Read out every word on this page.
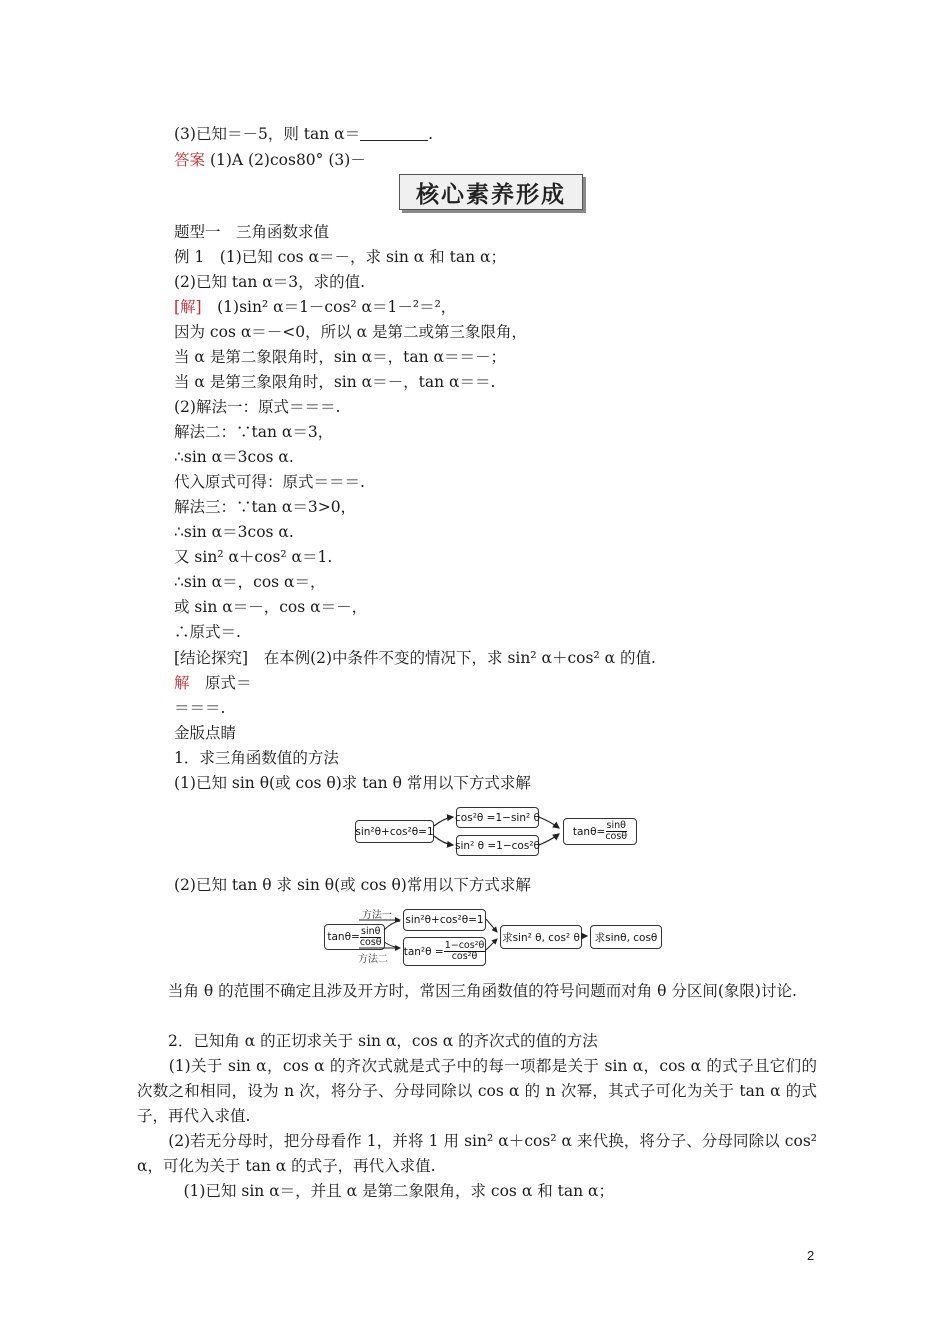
(3)已知＝－5，则 tan α＝	.
答案 (1)A (2)cos80° (3)－
核心素养形成
题型一　三角函数求值
例 1　(1)已知 cos α＝－，求 sin α 和 tan α；
(2)已知 tan α＝3，求的值.
[解]　(1)sin² α＝1－cos² α＝1－²＝²，
因为 cos α＝－<0，所以 α 是第二或第三象限角，
当 α 是第二象限角时，sin α＝，tan α＝＝－；
当 α 是第三象限角时，sin α＝－，tan α＝＝.
(2)解法一：原式＝＝＝.
解法二：∵tan α＝3，
∴sin α＝3cos α.
代入原式可得：原式＝＝＝.
解法三：∵tan α＝3>0，
∴sin α＝3cos α.
又 sin² α＋cos² α＝1.
∴sin α＝，cos α＝，
或 sin α＝－，cos α＝－，
∴原式＝.
[结论探究]　在本例(2)中条件不变的情况下，求 sin² α＋cos² α 的值.
解　原式＝
＝＝＝.
金版点睛
1．求三角函数值的方法
(1)已知 sin θ(或 cos θ)求 tan θ 常用以下方式求解
sin²θ+cos²θ=1
cos²θ =1−sin² θ
sin² θ =1−cos²θ
$\tan\theta= \frac{\sin\theta}{\cos\theta}$
(2)已知 tan θ 求 sin θ(或 cos θ)常用以下方式求解
方法一
方法二
$\tan\theta= \frac{\sin\theta}{\cos\theta}$
sin²θ+cos²θ=1
$\tan^2\theta = \frac{\text{1−cos²θ}}{\text{cos²θ}}$
求sin² θ, cos² θ	求sinθ, cosθ
　　当角 θ 的范围不确定且涉及开方时，常因三角函数值的符号问题而对角 θ 分区间(象限)讨论.
　　2．已知角 α 的正切求关于 sin α，cos α 的齐次式的值的方法
　　(1)关于 sin α，cos α 的齐次式就是式子中的每一项都是关于 sin α，cos α 的式子且它们的次数之和相同，设为 n 次，将分子、分母同除以 cos α 的 n 次幂，其式子可化为关于 tan α 的式子，再代入求值.
　　(2)若无分母时，把分母看作 1，并将 1 用 sin² α＋cos² α 来代换，将分子、分母同除以 cos² α，可化为关于 tan α 的式子，再代入求值.
　　　(1)已知 sin α＝，并且 α 是第二象限角，求 cos α 和 tan α；
2
